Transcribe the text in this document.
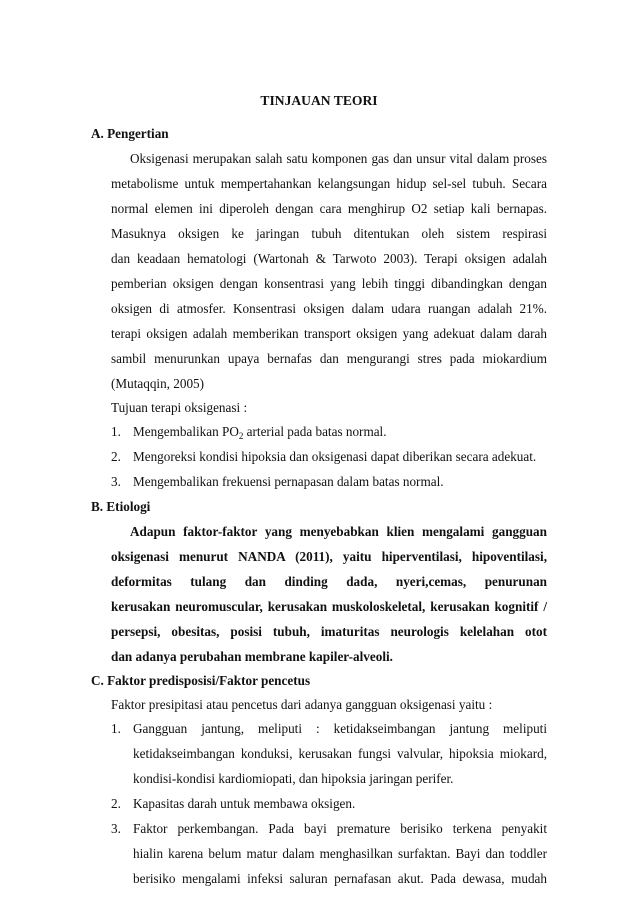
TINJAUAN TEORI
A. Pengertian
Oksigenasi merupakan salah satu komponen gas dan unsur vital dalam proses
metabolisme untuk mempertahankan kelangsungan hidup sel-sel tubuh. Secara
normal elemen ini diperoleh dengan cara menghirup O2 setiap kali bernapas.
Masuknya oksigen ke jaringan tubuh ditentukan oleh sistem respirasi
dan keadaan hematologi (Wartonah & Tarwoto 2003). Terapi oksigen adalah
pemberian oksigen dengan konsentrasi yang lebih tinggi dibandingkan dengan
oksigen di atmosfer. Konsentrasi oksigen dalam udara ruangan adalah 21%.
terapi oksigen adalah memberikan transport oksigen yang adekuat dalam darah
sambil menurunkan upaya bernafas dan mengurangi stres pada miokardium
(Mutaqqin, 2005)
Tujuan terapi oksigenasi :
1. Mengembalikan $PO_2$ arterial pada batas normal.
2. Mengoreksi kondisi hipoksia dan oksigenasi dapat diberikan secara adekuat.
3. Mengembalikan frekuensi pernapasan dalam batas normal.
B. Etiologi
Adapun faktor-faktor yang menyebabkan klien mengalami gangguan
oksigenasi menurut NANDA (2011), yaitu hiperventilasi, hipoventilasi,
deformitas tulang dan dinding dada, nyeri,cemas, penurunan
kerusakan neuromuscular, kerusakan muskoloskeletal, kerusakan kognitif /
persepsi, obesitas, posisi tubuh, imaturitas neurologis kelelahan otot
dan adanya perubahan membrane kapiler-alveoli.
C. Faktor predisposisi/Faktor pencetus
Faktor presipitasi atau pencetus dari adanya gangguan oksigenasi yaitu :
1. Gangguan jantung, meliputi : ketidakseimbangan jantung meliputi
ketidakseimbangan konduksi, kerusakan fungsi valvular, hipoksia miokard,
kondisi-kondisi kardiomiopati, dan hipoksia jaringan perifer.
2. Kapasitas darah untuk membawa oksigen.
3. Faktor perkembangan. Pada bayi premature berisiko terkena penyakit
hialin karena belum matur dalam menghasilkan surfaktan. Bayi dan toddler
berisiko mengalami infeksi saluran pernafasan akut. Pada dewasa, mudah
